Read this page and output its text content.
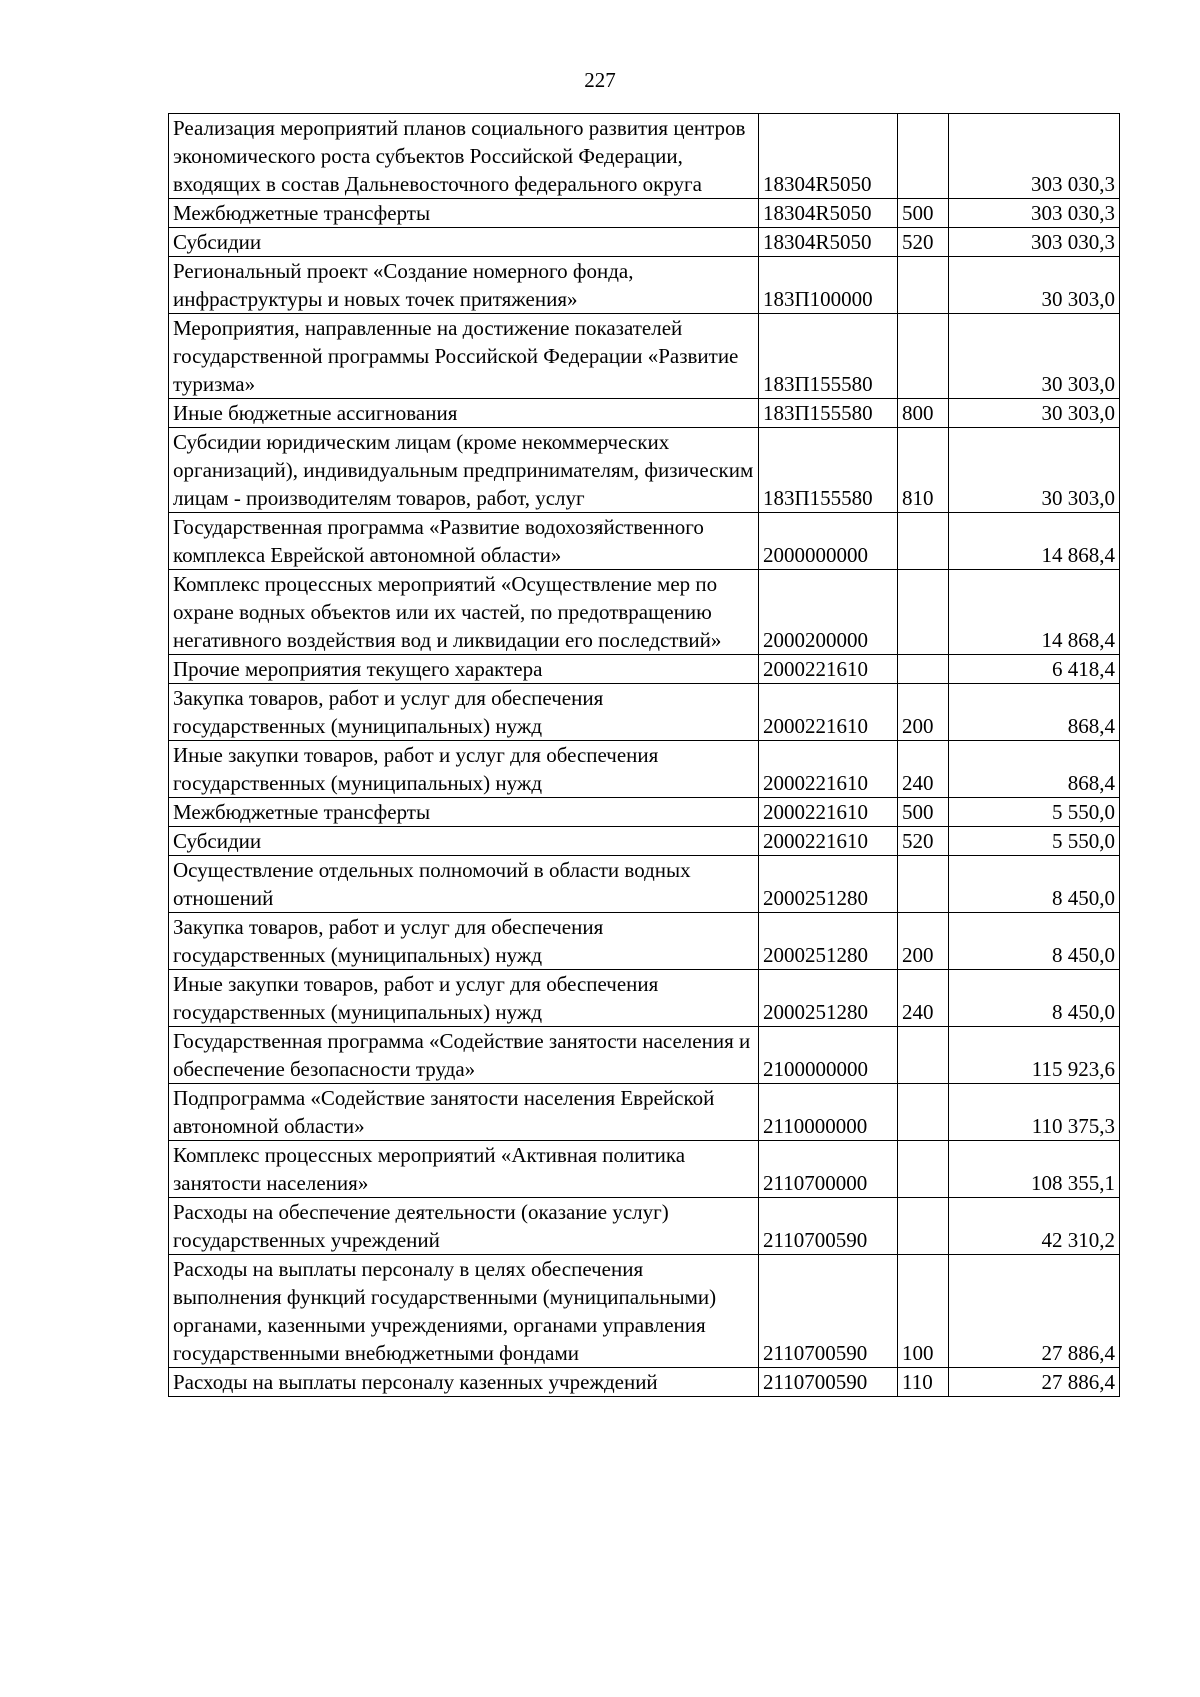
227
Реализация мероприятий планов социального развития центров экономического роста субъектов Российской Федерации, входящих в состав Дальневосточного федерального округа	18304R5050		303 030,3
Межбюджетные трансферты	18304R5050	500	303 030,3
Субсидии	18304R5050	520	303 030,3
Региональный проект «Создание номерного фонда, инфраструктуры и новых точек притяжения»	183П100000		30 303,0
Мероприятия, направленные на достижение показателей государственной программы Российской Федерации «Развитие туризма»	183П155580		30 303,0
Иные бюджетные ассигнования	183П155580	800	30 303,0
Субсидии юридическим лицам (кроме некоммерческих организаций), индивидуальным предпринимателям, физическим лицам - производителям товаров, работ, услуг	183П155580	810	30 303,0
Государственная программа «Развитие водохозяйственного комплекса Еврейской автономной области»	2000000000		14 868,4
Комплекс процессных мероприятий «Осуществление мер по охране водных объектов или их частей, по предотвращению негативного воздействия вод и ликвидации его последствий»	2000200000		14 868,4
Прочие мероприятия текущего характера	2000221610		6 418,4
Закупка товаров, работ и услуг для обеспечения государственных (муниципальных) нужд	2000221610	200	868,4
Иные закупки товаров, работ и услуг для обеспечения государственных (муниципальных) нужд	2000221610	240	868,4
Межбюджетные трансферты	2000221610	500	5 550,0
Субсидии	2000221610	520	5 550,0
Осуществление отдельных полномочий в области водных отношений	2000251280		8 450,0
Закупка товаров, работ и услуг для обеспечения государственных (муниципальных) нужд	2000251280	200	8 450,0
Иные закупки товаров, работ и услуг для обеспечения государственных (муниципальных) нужд	2000251280	240	8 450,0
Государственная программа «Содействие занятости населения и обеспечение безопасности труда»	2100000000		115 923,6
Подпрограмма «Содействие занятости населения Еврейской автономной области»	2110000000		110 375,3
Комплекс процессных мероприятий «Активная политика занятости населения»	2110700000		108 355,1
Расходы на обеспечение деятельности (оказание услуг) государственных учреждений	2110700590		42 310,2
Расходы на выплаты персоналу в целях обеспечения выполнения функций государственными (муниципальными) органами, казенными учреждениями, органами управления государственными внебюджетными фондами	2110700590	100	27 886,4
Расходы на выплаты персоналу казенных учреждений	2110700590	110	27 886,4
